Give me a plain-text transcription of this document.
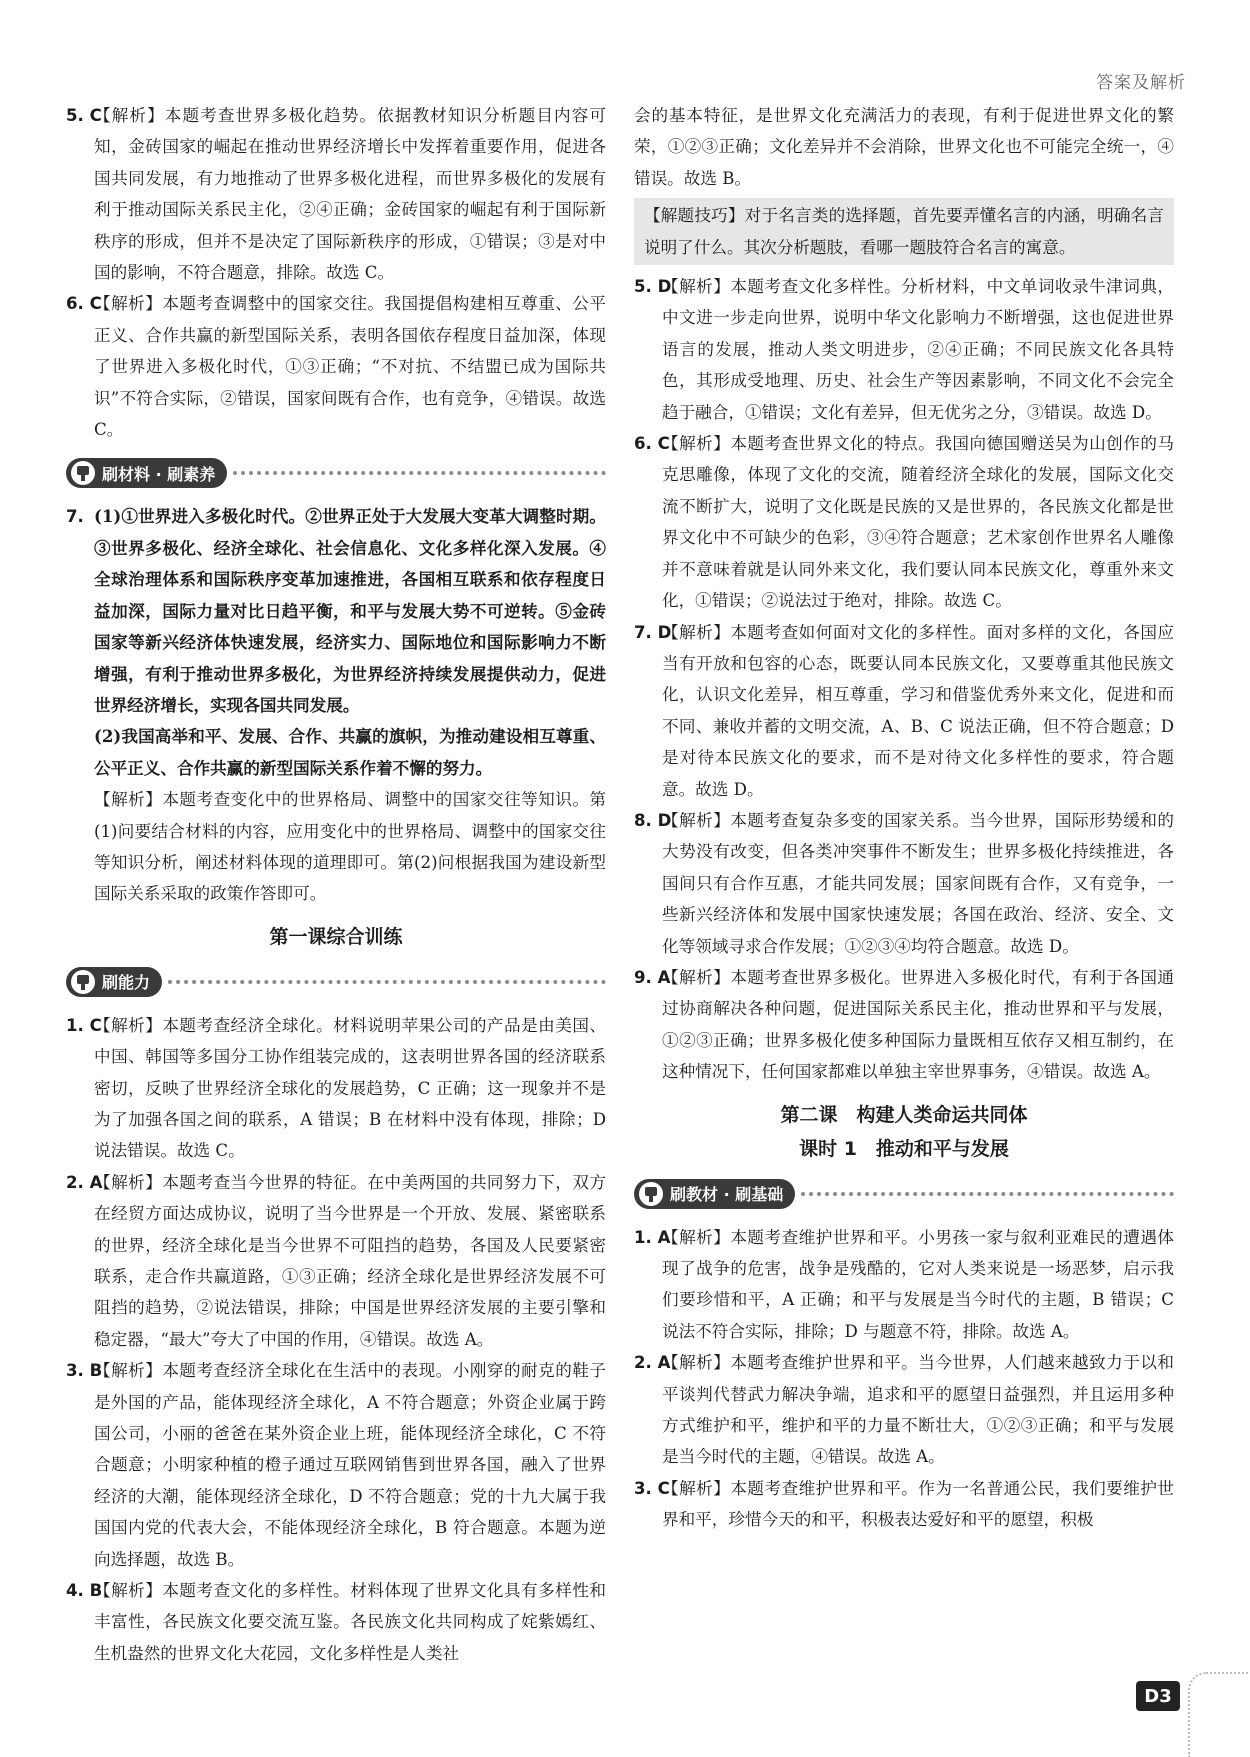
答案及解析

5. C
【解析】本题考查世界多极化趋势。依据教材知识分析题目内容可知，金砖国家的崛起在推动世界经济增长中发挥着重要作用，促进各国共同发展，有力地推动了世界多极化进程，而世界多极化的发展有利于推动国际关系民主化，②④正确；金砖国家的崛起有利于国际新秩序的形成，但并不是决定了国际新秩序的形成，①错误；③是对中国的影响，不符合题意，排除。故选 C。

6. C
【解析】本题考查调整中的国家交往。我国提倡构建相互尊重、公平正义、合作共赢的新型国际关系，表明各国依存程度日益加深，体现了世界进入多极化时代，①③正确；“不对抗、不结盟已成为国际共识”不符合实际，②错误，国家间既有合作，也有竞争，④错误。故选 C。

刷材料 · 刷素养

7. (1)①世界进入多极化时代。②世界正处于大发展大变革大调整时期。③世界多极化、经济全球化、社会信息化、文化多样化深入发展。④全球治理体系和国际秩序变革加速推进，各国相互联系和依存程度日益加深，国际力量对比日趋平衡，和平与发展大势不可逆转。⑤金砖国家等新兴经济体快速发展，经济实力、国际地位和国际影响力不断增强，有利于推动世界多极化，为世界经济持续发展提供动力，促进世界经济增长，实现各国共同发展。

(2)我国高举和平、发展、合作、共赢的旗帜，为推动建设相互尊重、公平正义、合作共赢的新型国际关系作着不懈的努力。

【解析】本题考查变化中的世界格局、调整中的国家交往等知识。第(1)问要结合材料的内容，应用变化中的世界格局、调整中的国家交往等知识分析，阐述材料体现的道理即可。第(2)问根据我国为建设新型国际关系采取的政策作答即可。

第一课综合训练
刷能力

1. C
【解析】本题考查经济全球化。材料说明苹果公司的产品是由美国、中国、韩国等多国分工协作组装完成的，这表明世界各国的经济联系密切，反映了世界经济全球化的发展趋势，C 正确；这一现象并不是为了加强各国之间的联系，A 错误；B 在材料中没有体现，排除；D 说法错误。故选 C。

2. A
【解析】本题考查当今世界的特征。在中美两国的共同努力下，双方在经贸方面达成协议，说明了当今世界是一个开放、发展、紧密联系的世界，经济全球化是当今世界不可阻挡的趋势，各国及人民要紧密联系，走合作共赢道路，①③正确；经济全球化是世界经济发展不可阻挡的趋势，②说法错误，排除；中国是世界经济发展的主要引擎和稳定器，“最大”夸大了中国的作用，④错误。故选 A。

3. B
【解析】本题考查经济全球化在生活中的表现。小刚穿的耐克的鞋子是外国的产品，能体现经济全球化，A 不符合题意；外资企业属于跨国公司，小丽的爸爸在某外资企业上班，能体现经济全球化，C 不符合题意；小明家种植的橙子通过互联网销售到世界各国，融入了世界经济的大潮，能体现经济全球化，D 不符合题意；党的十九大属于我国国内党的代表大会，不能体现经济全球化，B 符合题意。本题为逆向选择题，故选 B。

4. B
【解析】本题考查文化的多样性。材料体现了世界文化具有多样性和丰富性，各民族文化要交流互鉴。各民族文化共同构成了姹紫嫣红、生机盎然的世界文化大花园，文化多样性是人类社

会的基本特征，是世界文化充满活力的表现，有利于促进世界文化的繁荣，①②③正确；文化差异并不会消除，世界文化也不可能完全统一，④错误。故选 B。

【解题技巧】对于名言类的选择题，首先要弄懂名言的内涵，明确名言说明了什么。其次分析题肢，看哪一题肢符合名言的寓意。

5. D
【解析】本题考查文化多样性。分析材料，中文单词收录牛津词典，中文进一步走向世界，说明中华文化影响力不断增强，这也促进世界语言的发展，推动人类文明进步，②④正确；不同民族文化各具特色，其形成受地理、历史、社会生产等因素影响，不同文化不会完全趋于融合，①错误；文化有差异，但无优劣之分，③错误。故选 D。

6. C
【解析】本题考查世界文化的特点。我国向德国赠送吴为山创作的马克思雕像，体现了文化的交流，随着经济全球化的发展，国际文化交流不断扩大，说明了文化既是民族的又是世界的，各民族文化都是世界文化中不可缺少的色彩，③④符合题意；艺术家创作世界名人雕像并不意味着就是认同外来文化，我们要认同本民族文化，尊重外来文化，①错误；②说法过于绝对，排除。故选 C。

7. D
【解析】本题考查如何面对文化的多样性。面对多样的文化，各国应当有开放和包容的心态，既要认同本民族文化，又要尊重其他民族文化，认识文化差异，相互尊重，学习和借鉴优秀外来文化，促进和而不同、兼收并蓄的文明交流，A、B、C 说法正确，但不符合题意；D 是对待本民族文化的要求，而不是对待文化多样性的要求，符合题意。故选 D。

8. D
【解析】本题考查复杂多变的国家关系。当今世界，国际形势缓和的大势没有改变，但各类冲突事件不断发生；世界多极化持续推进，各国间只有合作互惠，才能共同发展；国家间既有合作，又有竞争，一些新兴经济体和发展中国家快速发展；各国在政治、经济、安全、文化等领域寻求合作发展；①②③④均符合题意。故选 D。

9. A
【解析】本题考查世界多极化。世界进入多极化时代，有利于各国通过协商解决各种问题，促进国际关系民主化，推动世界和平与发展，①②③正确；世界多极化使多种国际力量既相互依存又相互制约，在这种情况下，任何国家都难以单独主宰世界事务，④错误。故选 A。

第二课　构建人类命运共同体
课时 1　推动和平与发展
刷教材 · 刷基础

1. A
【解析】本题考查维护世界和平。小男孩一家与叙利亚难民的遭遇体现了战争的危害，战争是残酷的，它对人类来说是一场恶梦，启示我们要珍惜和平，A 正确；和平与发展是当今时代的主题，B 错误；C 说法不符合实际，排除；D 与题意不符，排除。故选 A。

2. A
【解析】本题考查维护世界和平。当今世界，人们越来越致力于以和平谈判代替武力解决争端，追求和平的愿望日益强烈，并且运用多种方式维护和平，维护和平的力量不断壮大，①②③正确；和平与发展是当今时代的主题，④错误。故选 A。

3. C
【解析】本题考查维护世界和平。作为一名普通公民，我们要维护世界和平，珍惜今天的和平，积极表达爱好和平的愿望，积极

D3
